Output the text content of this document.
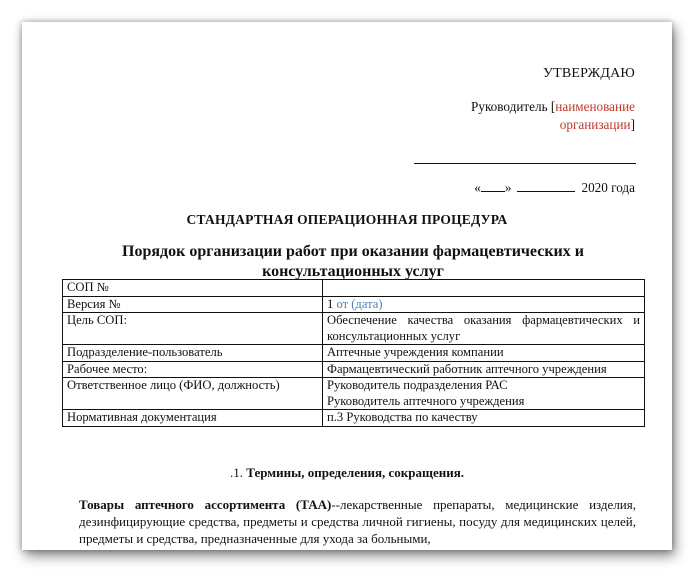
УТВЕРЖДАЮ
Руководитель [наименование
организации]
« »	2020 года
СТАНДАРТНАЯ ОПЕРАЦИОННАЯ ПРОЦЕДУРА
Порядок организации работ при оказании фармацевтических и консультационных услуг
СОП №	
Версия №	1 от (дата)
Цель СОП:	Обеспечение качества оказания фармацевтических и консультационных услуг
Подразделение-пользователь	Аптечные учреждения компании
Рабочее место:	Фармацевтический работник аптечного учреждения
Ответственное лицо (ФИО, должность)	Руководитель подразделения РАС
Руководитель аптечного учреждения
Нормативная документация	п.3 Руководства по качеству
.1. Термины, определения, сокращения.
Товары аптечного ассортимента (ТАА)--лекарственные препараты, медицинские изделия, дезинфицирующие средства, предметы и средства личной гигиены, посуду для медицинских целей, предметы и средства, предназначенные для ухода за больными,
